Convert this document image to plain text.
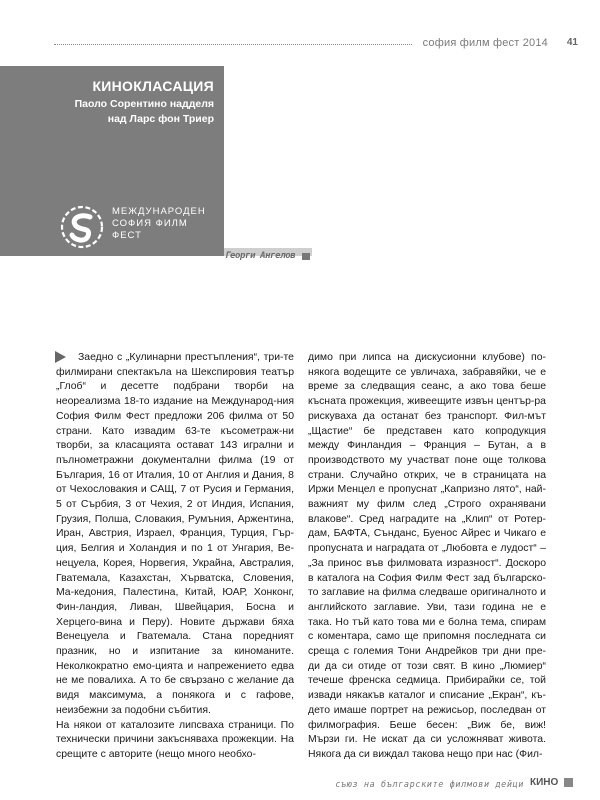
софия филм фест 2014 41
КИНОКЛАСАЦИЯ
Паоло Сорентино надделя
над Ларс фон Триер
МЕЖДУНАРОДЕН
СОФИЯ ФИЛМ
ФЕСТ
Георги Ангелов

Заедно с „Кулинарни престъпления“, три-те филмирани спектакъла на Шекспировия театър „Глоб“ и десетте подбрани творби на неореализма 18-то издание на Международ-ния София Филм Фест предложи 206 филма от 50 страни. Като извадим 63-те късометраж-ни творби, за класацията остават 143 игрални и пълнометражни документални филма (19 от България, 16 от Италия, 10 от Англия и Дания, 8 от Чехословакия и САЩ, 7 от Русия и Германия, 5 от Сърбия, 3 от Чехия, 2 от Индия, Испания, Грузия, Полша, Словакия, Румъния, Аржентина, Иран, Австрия, Израел, Франция, Турция, Гър-ция, Белгия и Холандия и по 1 от Унгария, Ве-нецуела, Корея, Норвегия, Украйна, Австралия, Гватемала, Казахстан, Хърватска, Словения, Ма-кедония, Палестина, Китай, ЮАР, Хонконг, Фин-ландия, Ливан, Швейцария, Босна и Херцего-вина и Перу). Новите държави бяха Венецуела и Гватемала. Стана поредният празник, но и изпитание за киноманите. Неколкократно емо-цията и напрежението едва не ме повалиха. А то бе свързано с желание да видя максимума, а понякога и с гафове, неизбежни за подобни събития.

На някои от каталозите липсваха страници. По технически причини закъсняваха прожекции. На срещите с авторите (нещо много необхо-

димо при липса на дискусионни клубове) по-някога водещите се увличаха, забравяйки, че е време за следващия сеанс, а ако това беше късната прожекция, живеещите извън център-ра рискуваха да останат без транспорт. Фил-мът „Щастие“ бе представен като копродукция между Финландия – Франция – Бутан, а в производството му участват поне още толкова страни. Случайно открих, че в страницата на Иржи Менцел е пропуснат „Капризно лято“, най-важният му филм след „Строго охранявани влакове“. Сред наградите на „Клип“ от Ротер-дам, БАФТА, Сънданс, Буенос Айрес и Чикаго е пропусната и наградата от „Любовта е лудост“ – „За принос във филмовата изразност“. Доскоро в каталога на София Филм Фест зад българско-то заглавие на филма следваше оригиналното и английското заглавие. Уви, тази година не е така. Но тъй като това ми е болна тема, спирам с коментара, само ще припомня последната си среща с големия Тони Андрейков три дни пре-ди да си отиде от този свят. В кино „Люмиер“ течеше френска седмица. Прибирайки се, той извади някакъв каталог и списание „Екран“, къ-дето имаше портрет на режисьор, последван от филмография. Беше бесен: „Виж бе, виж! Мързи ги. Не искат да си усложняват живота. Някога да си виждал такова нещо при нас (Фил-

съюз на българските филмови дейци КИНО
